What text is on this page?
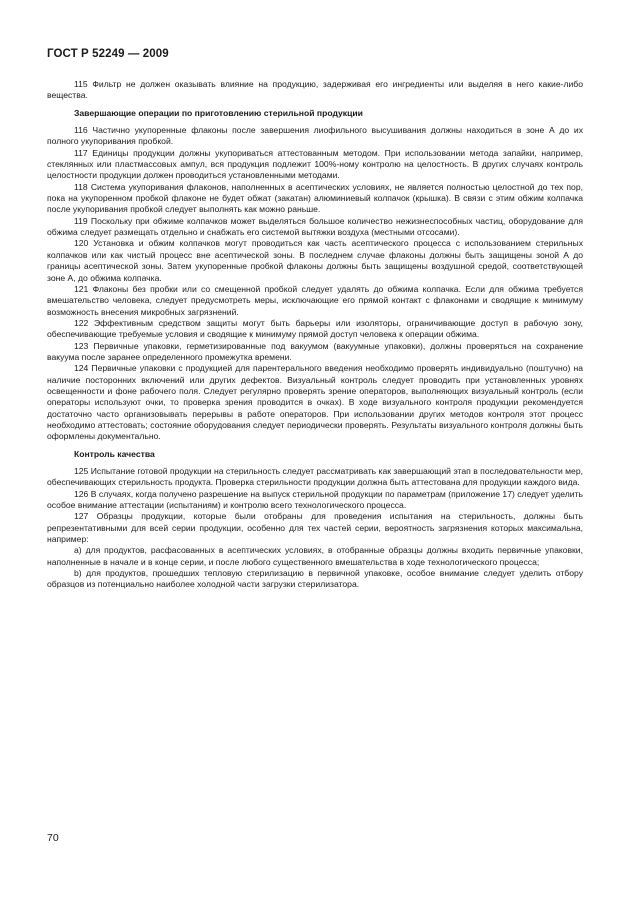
ГОСТ Р 52249 — 2009

115 Фильтр не должен оказывать влияние на продукцию, задерживая его ингредиенты или выделяя в него какие-либо вещества.

Завершающие операции по приготовлению стерильной продукции

116 Частично укупоренные флаконы после завершения лиофильного высушивания должны находиться в зоне А до их полного укупоривания пробкой.

117 Единицы продукции должны укупориваться аттестованным методом. При использовании метода запайки, например, стеклянных или пластмассовых ампул, вся продукция подлежит 100%-ному контролю на целостность. В других случаях контроль целостности продукции должен проводиться установленными методами.

118 Система укупоривания флаконов, наполненных в асептических условиях, не является полностью целостной до тех пор, пока на укупоренном пробкой флаконе не будет обжат (закатан) алюминиевый колпачок (крышка). В связи с этим обжим колпачка после укупоривания пробкой следует выполнять как можно раньше.

119 Поскольку при обжиме колпачков может выделяться большое количество нежизнеспособных частиц, оборудование для обжима следует размещать отдельно и снабжать его системой вытяжки воздуха (местными отсосами).

120 Установка и обжим колпачков могут проводиться как часть асептического процесса с использованием стерильных колпачков или как чистый процесс вне асептической зоны. В последнем случае флаконы должны быть защищены зоной А до границы асептической зоны. Затем укупоренные пробкой флаконы должны быть защищены воздушной средой, соответствующей зоне А, до обжима колпачка.

121 Флаконы без пробки или со смещенной пробкой следует удалять до обжима колпачка. Если для обжима требуется вмешательство человека, следует предусмотреть меры, исключающие его прямой контакт с флаконами и сводящие к минимуму возможность внесения микробных загрязнений.

122 Эффективным средством защиты могут быть барьеры или изоляторы, ограничивающие доступ в рабочую зону, обеспечивающие требуемые условия и сводящие к минимуму прямой доступ человека к операции обжима.

123 Первичные упаковки, герметизированные под вакуумом (вакуумные упаковки), должны проверяться на сохранение вакуума после заранее определенного промежутка времени.

124 Первичные упаковки с продукцией для парентерального введения необходимо проверять индивидуально (поштучно) на наличие посторонних включений или других дефектов. Визуальный контроль следует проводить при установленных уровнях освещенности и фоне рабочего поля. Следует регулярно проверять зрение операторов, выполняющих визуальный контроль (если операторы используют очки, то проверка зрения проводится в очках). В ходе визуального контроля продукции рекомендуется достаточно часто организовывать перерывы в работе операторов. При использовании других методов контроля этот процесс необходимо аттестовать; состояние оборудования следует периодически проверять. Результаты визуального контроля должны быть оформлены документально.

Контроль качества

125 Испытание готовой продукции на стерильность следует рассматривать как завершающий этап в последовательности мер, обеспечивающих стерильность продукта. Проверка стерильности продукции должна быть аттестована для продукции каждого вида.

126 В случаях, когда получено разрешение на выпуск стерильной продукции по параметрам (приложение 17) следует уделить особое внимание аттестации (испытаниям) и контролю всего технологического процесса.

127 Образцы продукции, которые были отобраны для проведения испытания на стерильность, должны быть репрезентативными для всей серии продукции, особенно для тех частей серии, вероятность загрязнения которых максимальна, например:

а) для продуктов, расфасованных в асептических условиях, в отобранные образцы должны входить первичные упаковки, наполненные в начале и в конце серии, и после любого существенного вмешательства в ходе технологического процесса;

b) для продуктов, прошедших тепловую стерилизацию в первичной упаковке, особое внимание следует уделить отбору образцов из потенциально наиболее холодной части загрузки стерилизатора.

70
